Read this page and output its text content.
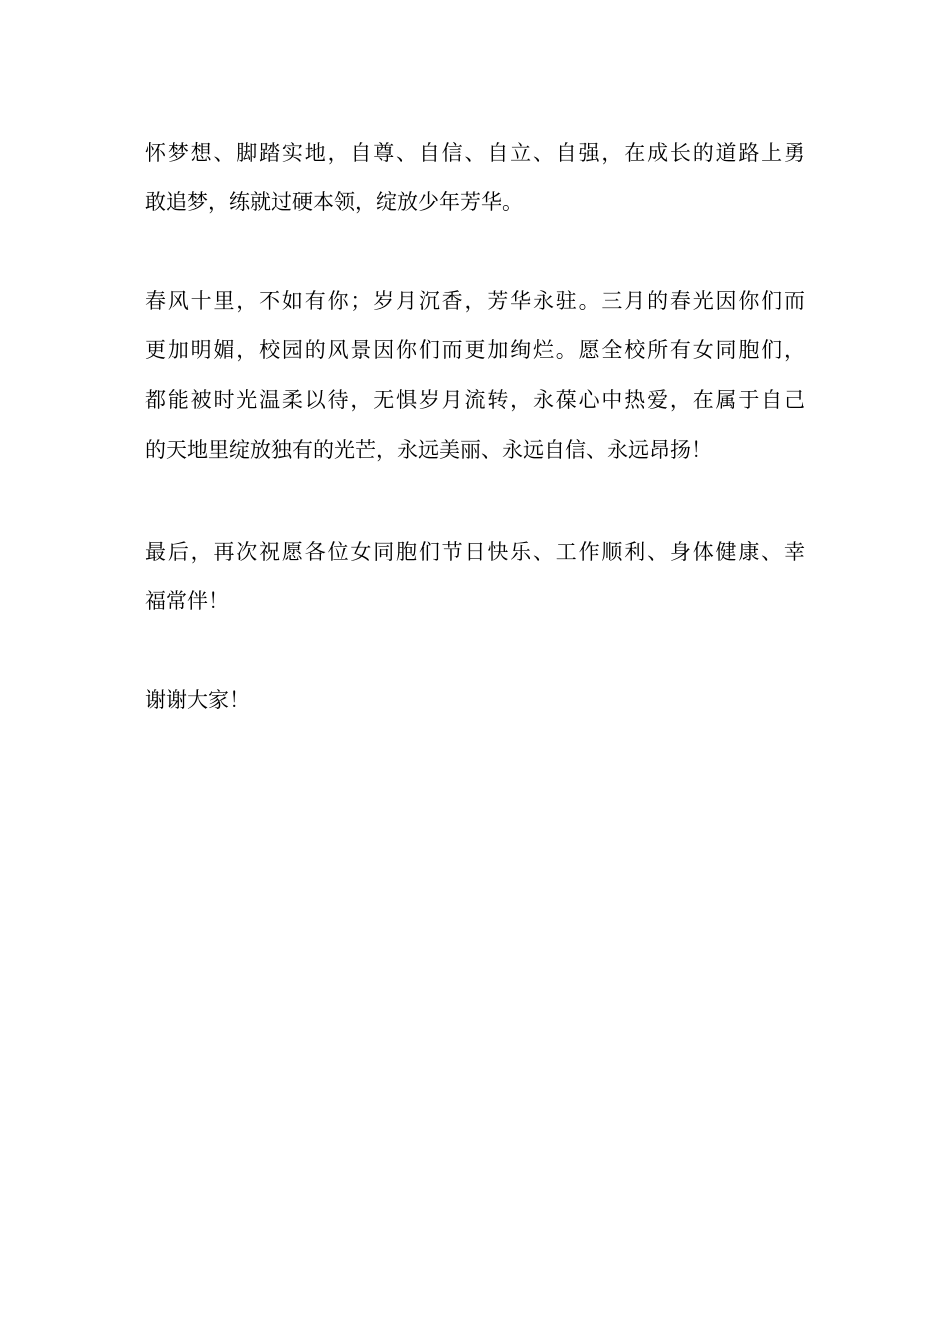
怀梦想、脚踏实地，自尊、自信、自立、自强，在成长的道路上勇
敢追梦，练就过硬本领，绽放少年芳华。
春风十里，不如有你；岁月沉香，芳华永驻。三月的春光因你们而
更加明媚，校园的风景因你们而更加绚烂。愿全校所有女同胞们，
都能被时光温柔以待，无惧岁月流转，永葆心中热爱，在属于自己
的天地里绽放独有的光芒，永远美丽、永远自信、永远昂扬！
最后，再次祝愿各位女同胞们节日快乐、工作顺利、身体健康、幸
福常伴！
谢谢大家！
